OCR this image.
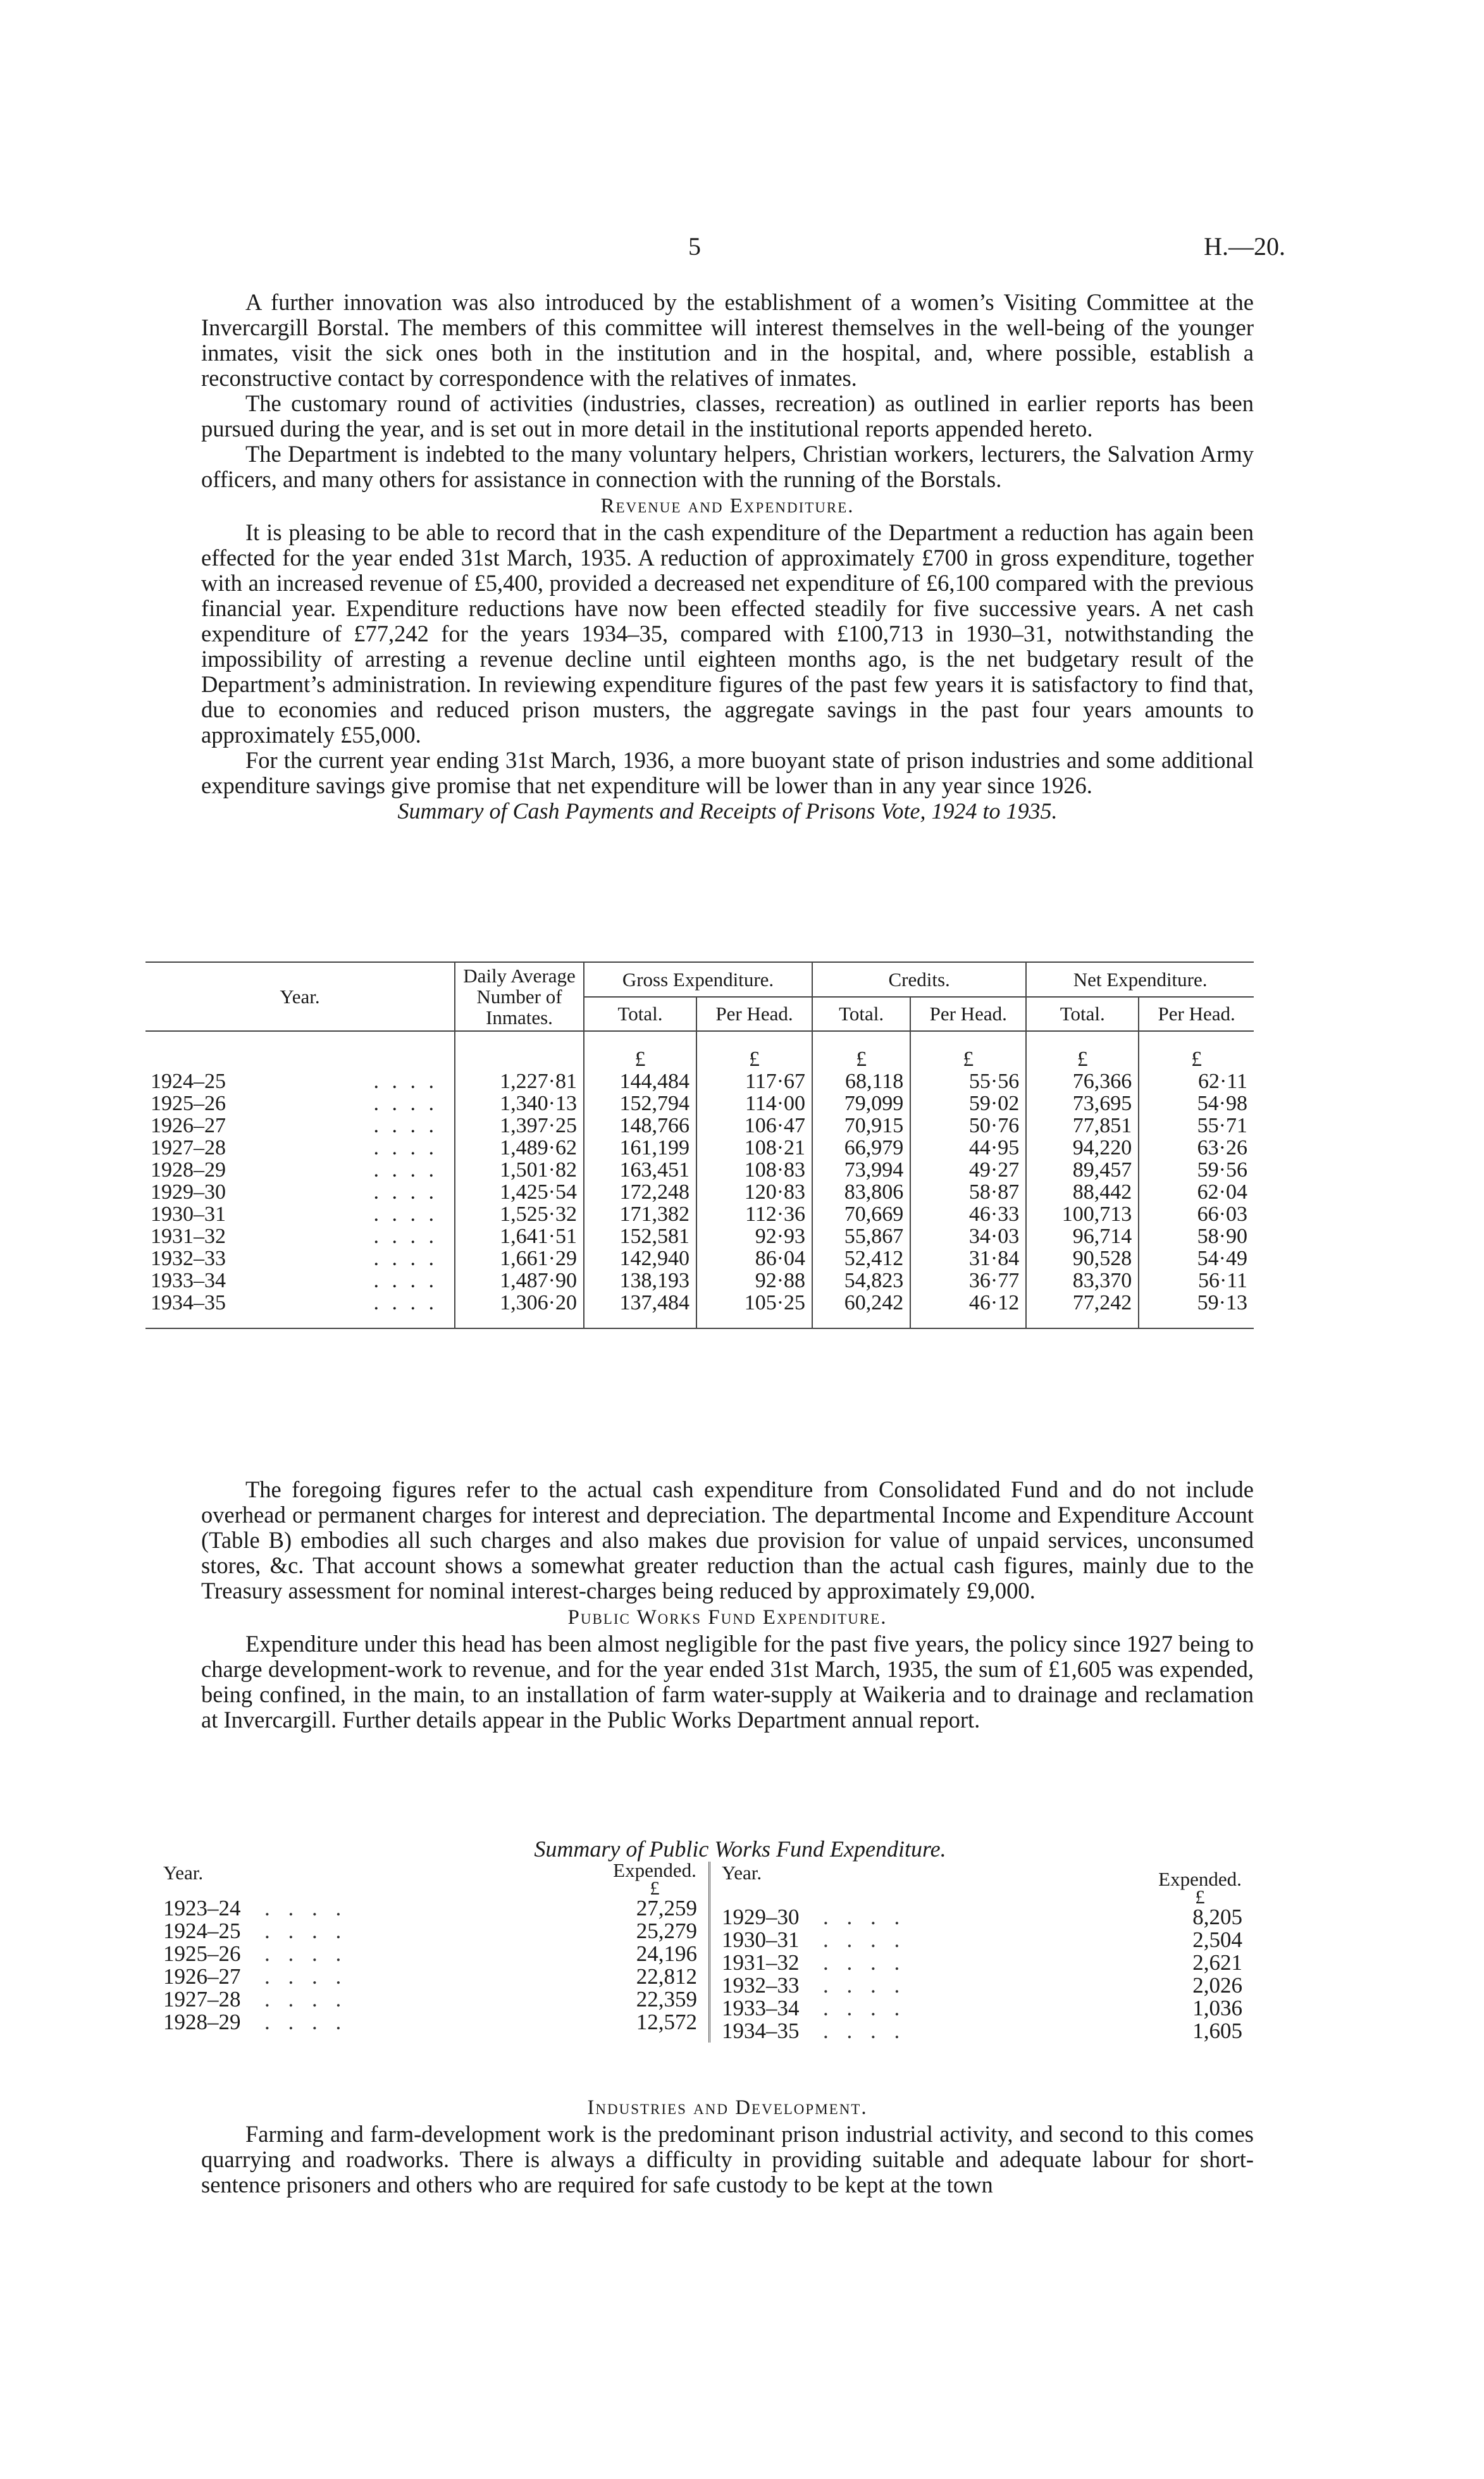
5	H.—20.

A further innovation was also introduced by the establishment of a women’s Visiting Committee at the Invercargill Borstal. The members of this committee will interest themselves in the well-being of the younger inmates, visit the sick ones both in the institution and in the hospital, and, where possible, establish a reconstructive contact by correspondence with the relatives of inmates.

The customary round of activities (industries, classes, recreation) as outlined in earlier reports has been pursued during the year, and is set out in more detail in the institutional reports appended hereto.

The Department is indebted to the many voluntary helpers, Christian workers, lecturers, the Salvation Army officers, and many others for assistance in connection with the running of the Borstals.

Revenue and Expenditure.

It is pleasing to be able to record that in the cash expenditure of the Department a reduction has again been effected for the year ended 31st March, 1935. A reduction of approximately £700 in gross expenditure, together with an increased revenue of £5,400, provided a decreased net expenditure of £6,100 compared with the previous financial year. Expenditure reductions have now been effected steadily for five successive years. A net cash expenditure of £77,242 for the years 1934–35, compared with £100,713 in 1930–31, notwithstanding the impossibility of arresting a revenue decline until eighteen months ago, is the net budgetary result of the Department’s administration. In reviewing expenditure figures of the past few years it is satisfactory to find that, due to economies and reduced prison musters, the aggregate savings in the past four years amounts to approximately £55,000.

For the current year ending 31st March, 1936, a more buoyant state of prison industries and some additional expenditure savings give promise that net expenditure will be lower than in any year since 1926.

Summary of Cash Payments and Receipts of Prisons Vote, 1924 to 1935.
Year.	Daily Average Number of Inmates.	Gross Expenditure.		Credits.		Net Expenditure.	
		Total.	Per Head.	Total.	Per Head.	Total.	Per Head.
		£	£	£	£	£	£
1924–25 . . . .	1,227·81	144,484	117·67	68,118	55·56	76,366	62·11
1925–26 . . . .	1,340·13	152,794	114·00	79,099	59·02	73,695	54·98
1926–27 . . . .	1,397·25	148,766	106·47	70,915	50·76	77,851	55·71
1927–28 . . . .	1,489·62	161,199	108·21	66,979	44·95	94,220	63·26
1928–29 . . . .	1,501·82	163,451	108·83	73,994	49·27	89,457	59·56
1929–30 . . . .	1,425·54	172,248	120·83	83,806	58·87	88,442	62·04
1930–31 . . . .	1,525·32	171,382	112·36	70,669	46·33	100,713	66·03
1931–32 . . . .	1,641·51	152,581	92·93	55,867	34·03	96,714	58·90
1932–33 . . . .	1,661·29	142,940	86·04	52,412	31·84	90,528	54·49
1933–34 . . . .	1,487·90	138,193	92·88	54,823	36·77	83,370	56·11
1934–35 . . . .	1,306·20	137,484	105·25	60,242	46·12	77,242	59·13

The foregoing figures refer to the actual cash expenditure from Consolidated Fund and do not include overhead or permanent charges for interest and depreciation. The departmental Income and Expenditure Account (Table B) embodies all such charges and also makes due provision for value of unpaid services, unconsumed stores, &c. That account shows a somewhat greater reduction than the actual cash figures, mainly due to the Treasury assessment for nominal interest-charges being reduced by approximately £9,000.

Public Works Fund Expenditure.

Expenditure under this head has been almost negligible for the past five years, the policy since 1927 being to charge development-work to revenue, and for the year ended 31st March, 1935, the sum of £1,605 was expended, being confined, in the main, to an installation of farm water-supply at Waikeria and to drainage and reclamation at Invercargill. Further details appear in the Public Works Department annual report.

Summary of Public Works Fund Expenditure.
Year.	Expended.
£
1923–24	. . . .	27,259
1924–25	. . . .	25,279
1925–26	. . . .	24,196
1926–27	. . . .	22,812
1927–28	. . . .	22,359
1928–29	. . . .	12,572
Year.	Expended.
£
1929–30	. . . .	8,205
1930–31	. . . .	2,504
1931–32	. . . .	2,621
1932–33	. . . .	2,026
1933–34	. . . .	1,036
1934–35	. . . .	1,605
Industries and Development.

Farming and farm-development work is the predominant prison industrial activity, and second to this comes quarrying and roadworks. There is always a difficulty in providing suitable and adequate labour for short-sentence prisoners and others who are required for safe custody to be kept at the town
